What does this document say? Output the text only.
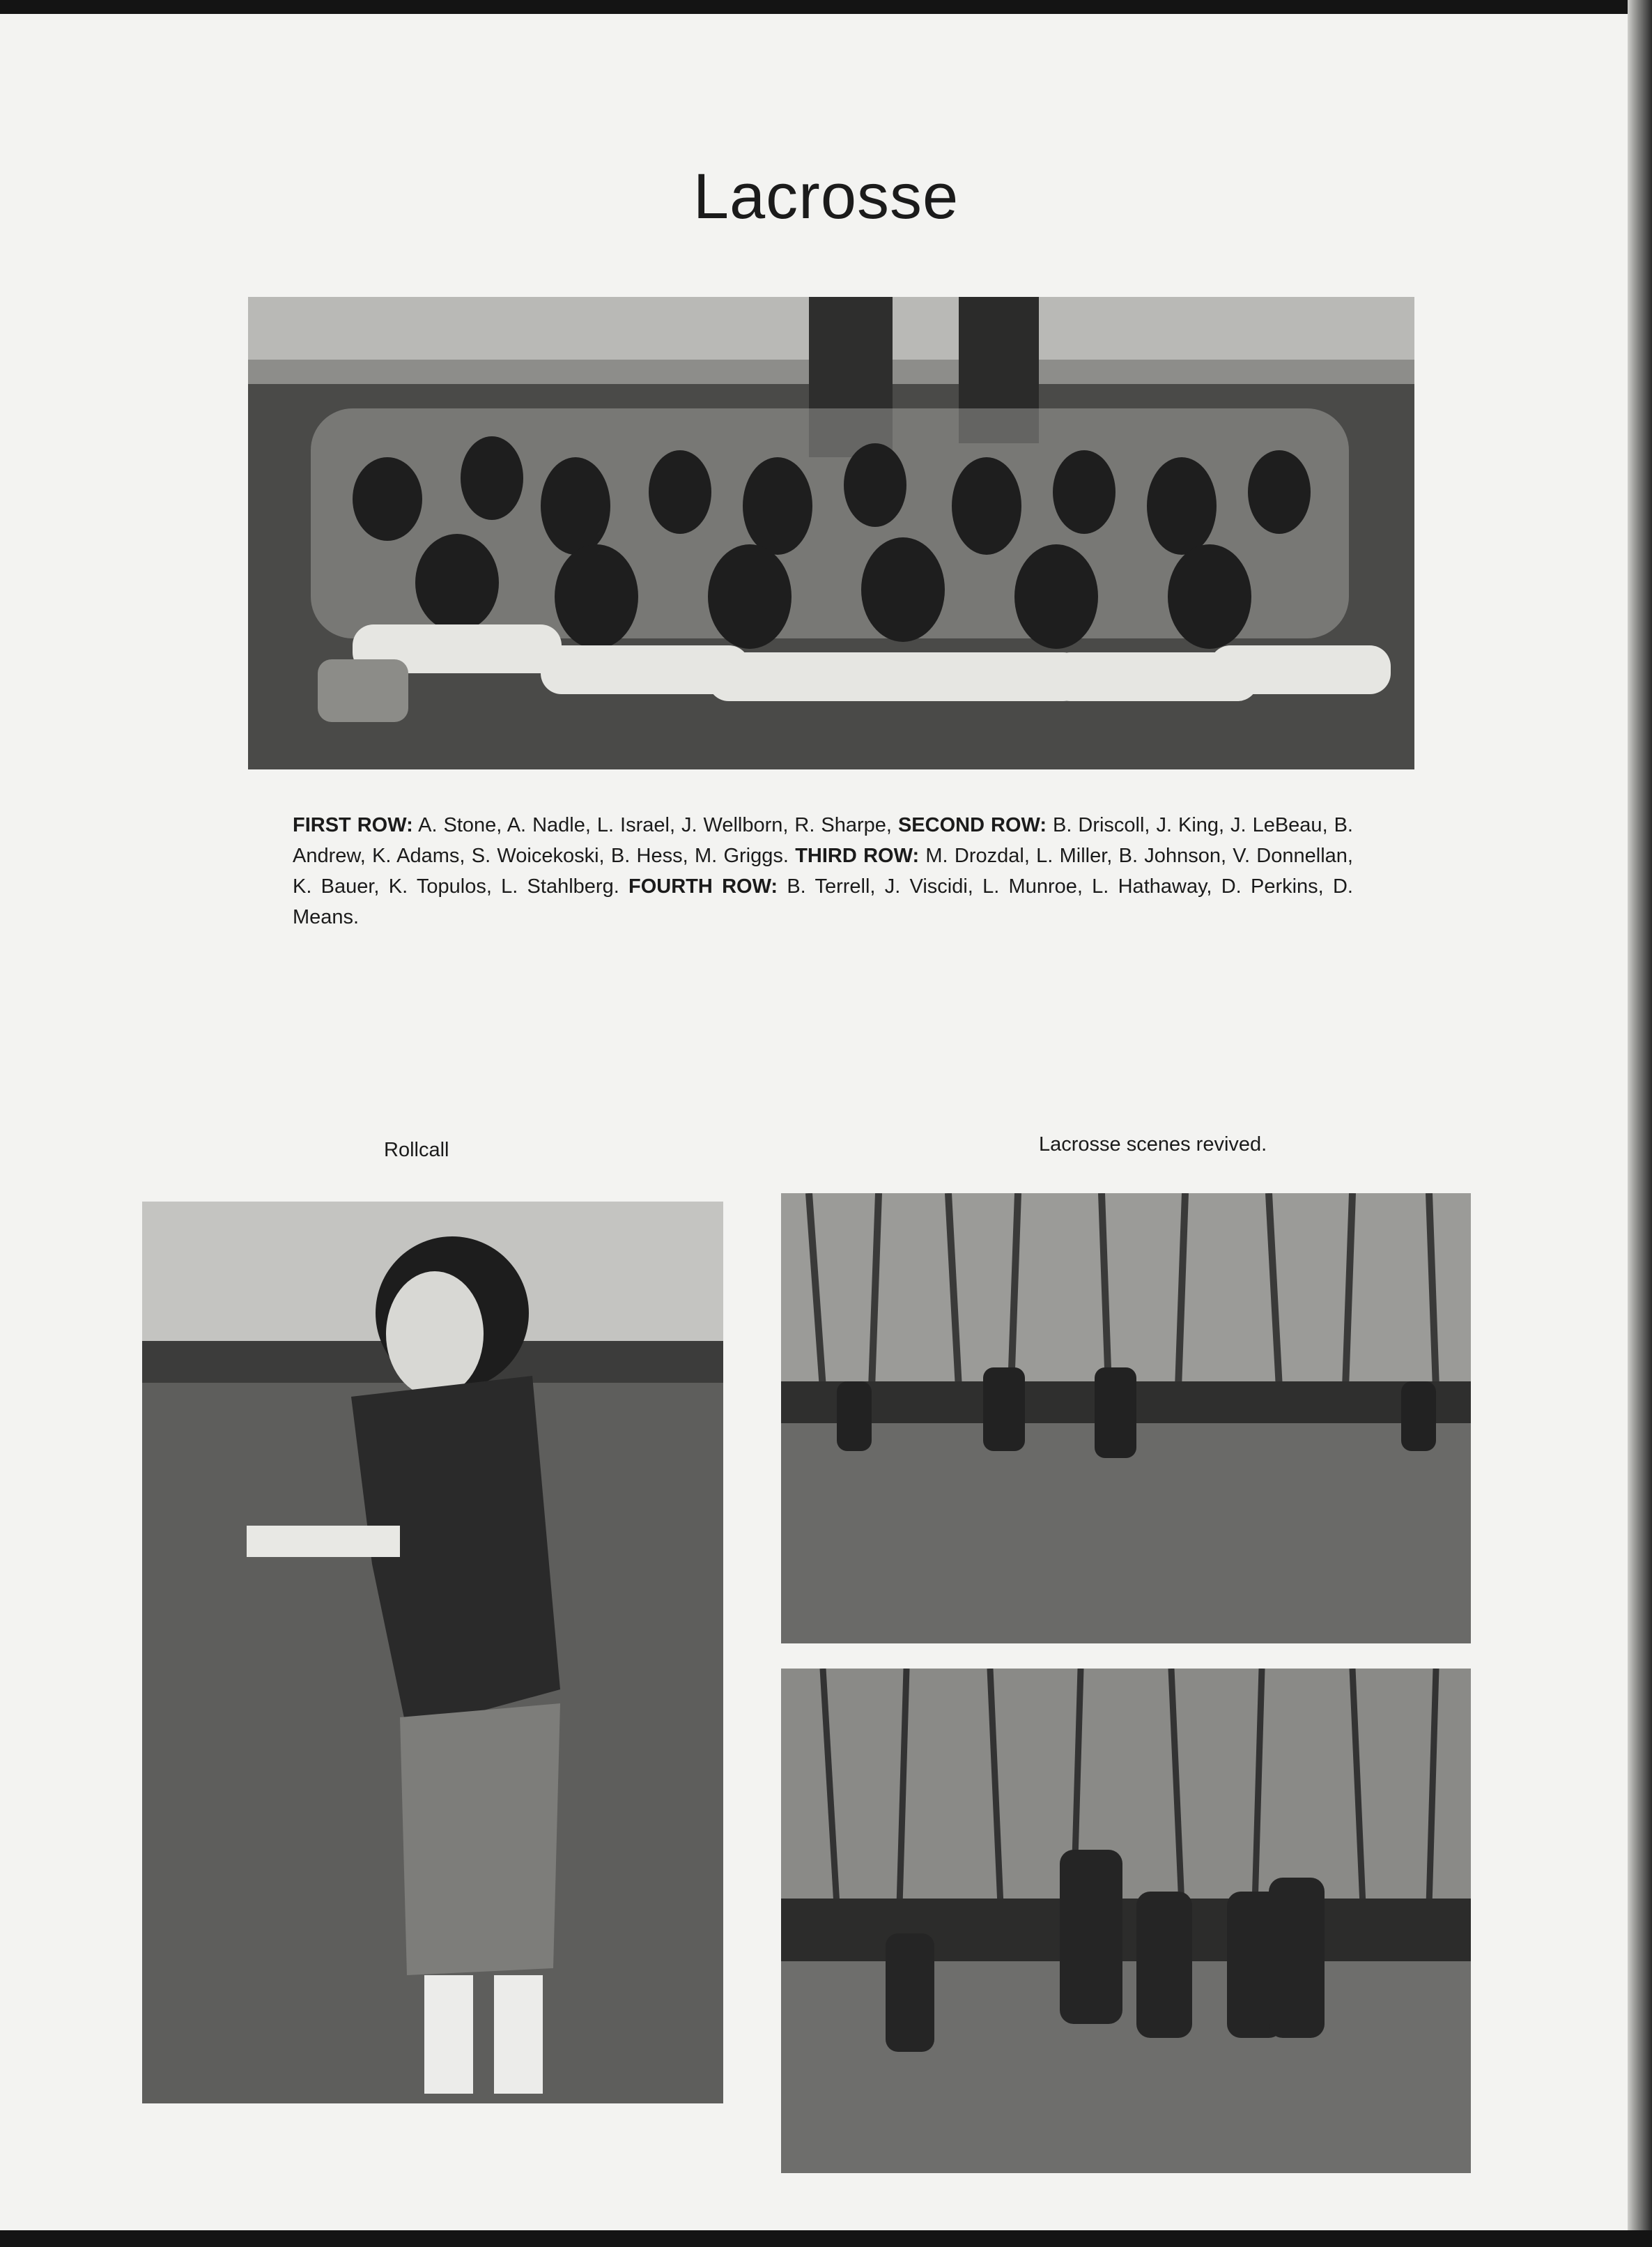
Lacrosse
FIRST ROW: A. Stone, A. Nadle, L. Israel, J. Wellborn, R. Sharpe, SECOND ROW: B. Driscoll, J. King, J. LeBeau, B. Andrew, K. Adams, S. Woicekoski, B. Hess, M. Griggs. THIRD ROW: M. Drozdal, L. Miller, B. Johnson, V. Donnellan, K. Bauer, K. Topulos, L. Stahlberg. FOURTH ROW: B. Terrell, J. Viscidi, L. Munroe, L. Hathaway, D. Perkins, D. Means.
Rollcall	Lacrosse scenes revived.
